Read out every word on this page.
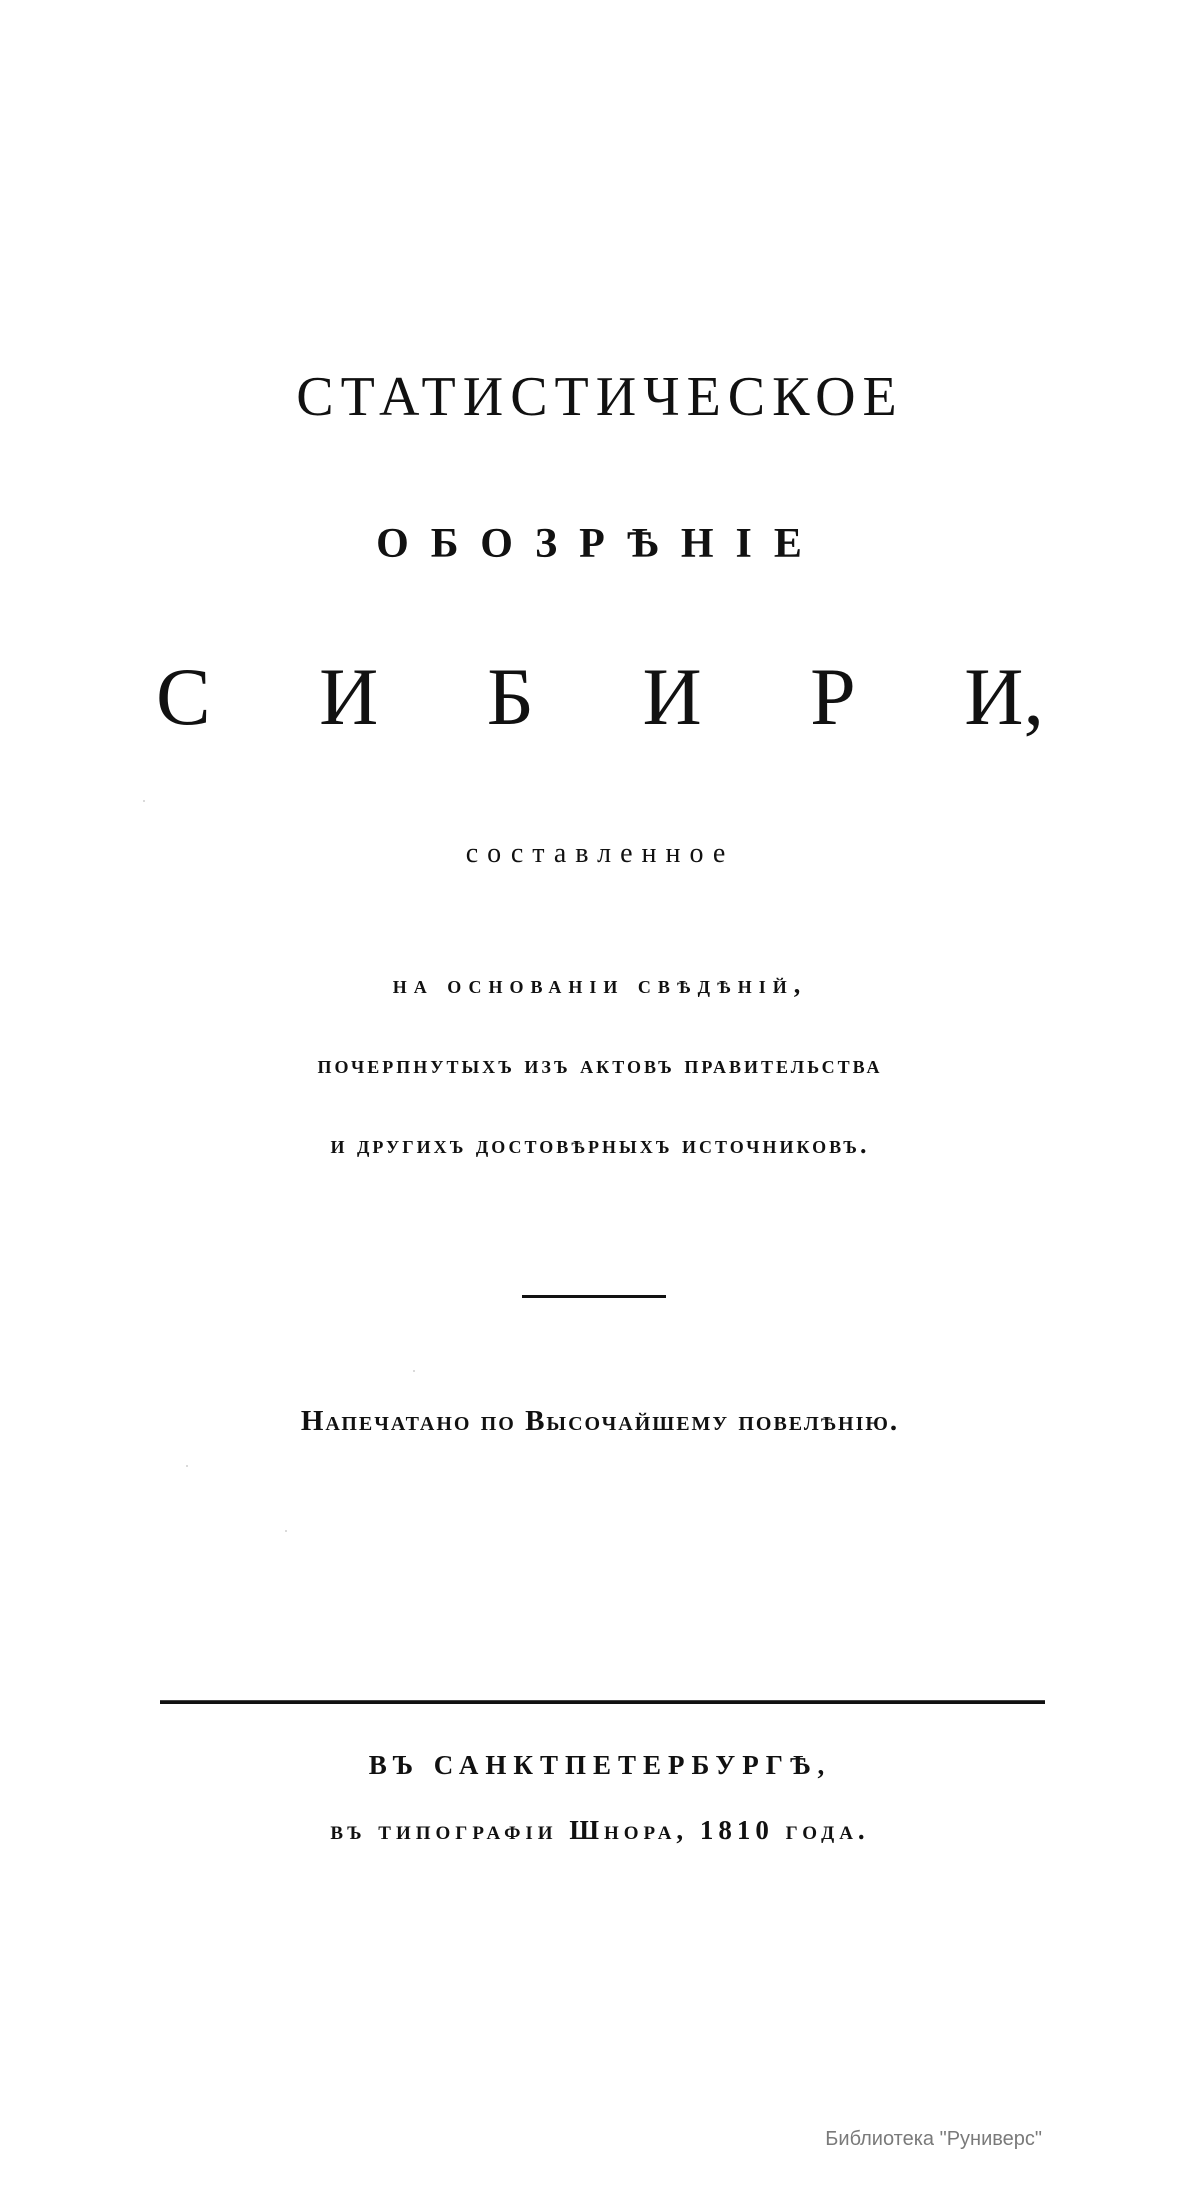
СТАТИСТИЧЕСКОЕ
ОБОЗРѢНІЕ
С И Б И Р И,
составленное
на основаніи свѣдѣній,
почерпнутыхъ изъ актовъ правительства
и другихъ достовѣрныхъ источниковъ.
Напечатано по Высочайшему повелѣнію.
ВЪ САНКТПЕТЕРБУРГѢ,
въ типографіи Шнора, 1810 года.
Библиотека "Руниверс"
